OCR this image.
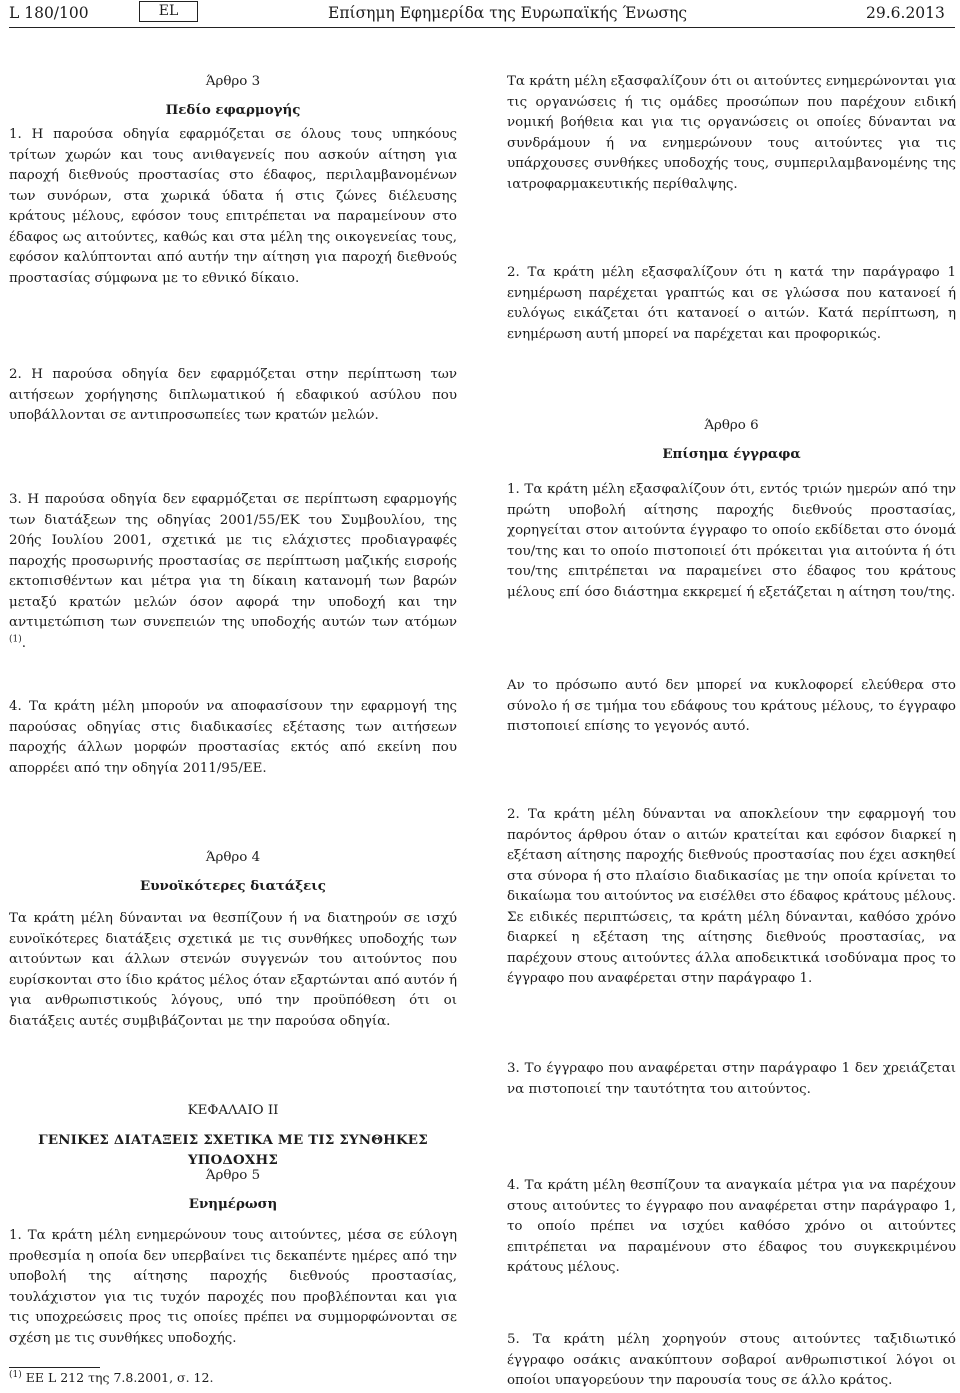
L 180/100	EL	Επίσημη Εφημερίδα της Ευρωπαϊκής Ένωσης	29.6.2013

Άρθρο 3

Πεδίο εφαρμογής

1. Η παρούσα οδηγία εφαρμόζεται σε όλους τους υπηκόους τρίτων χωρών και τους ανιθαγενείς που ασκούν αίτηση για παροχή διεθνούς προστασίας στο έδαφος, περιλαμβανομένων των συνόρων, στα χωρικά ύδατα ή στις ζώνες διέλευσης κράτους μέλους, εφόσον τους επιτρέπεται να παραμείνουν στο έδαφος ως αιτούντες, καθώς και στα μέλη της οικογενείας τους, εφόσον καλύπτονται από αυτήν την αίτηση για παροχή διεθνούς προστασίας σύμφωνα με το εθνικό δίκαιο.

2. Η παρούσα οδηγία δεν εφαρμόζεται στην περίπτωση των αιτήσεων χορήγησης διπλωματικού ή εδαφικού ασύλου που υποβάλλονται σε αντιπροσωπείες των κρατών μελών.

3. Η παρούσα οδηγία δεν εφαρμόζεται σε περίπτωση εφαρμογής των διατάξεων της οδηγίας 2001/55/ΕΚ του Συμβουλίου, της 20ής Ιουλίου 2001, σχετικά με τις ελάχιστες προδιαγραφές παροχής προσωρινής προστασίας σε περίπτωση μαζικής εισροής εκτοπισθέντων και μέτρα για τη δίκαιη κατανομή των βαρών μεταξύ κρατών μελών όσον αφορά την υποδοχή και την αντιμετώπιση των συνεπειών της υποδοχής αυτών των ατόμων $^{(1)}$.

4. Τα κράτη μέλη μπορούν να αποφασίσουν την εφαρμογή της παρούσας οδηγίας στις διαδικασίες εξέτασης των αιτήσεων παροχής άλλων μορφών προστασίας εκτός από εκείνη που απορρέει από την οδηγία 2011/95/ΕΕ.

Άρθρο 4

Ευνοϊκότερες διατάξεις

Τα κράτη μέλη δύνανται να θεσπίζουν ή να διατηρούν σε ισχύ ευνοϊκότερες διατάξεις σχετικά με τις συνθήκες υποδοχής των αιτούντων και άλλων στενών συγγενών του αιτούντος που ευρίσκονται στο ίδιο κράτος μέλος όταν εξαρτώνται από αυτόν ή για ανθρωπιστικούς λόγους, υπό την προϋπόθεση ότι οι διατάξεις αυτές συμβιβάζονται με την παρούσα οδηγία.

ΚΕΦΑΛΑΙΟ II

ΓΕΝΙΚΕΣ ΔΙΑΤΑΞΕΙΣ ΣΧΕΤΙΚΑ ΜΕ ΤΙΣ ΣΥΝΘΗΚΕΣ ΥΠΟΔΟΧΗΣ

Άρθρο 5

Ενημέρωση

1. Τα κράτη μέλη ενημερώνουν τους αιτούντες, μέσα σε εύλογη προθεσμία η οποία δεν υπερβαίνει τις δεκαπέντε ημέρες από την υποβολή της αίτησης παροχής διεθνούς προστασίας, τουλάχιστον για τις τυχόν παροχές που προβλέπονται και για τις υποχρεώσεις προς τις οποίες πρέπει να συμμορφώνονται σε σχέση με τις συνθήκες υποδοχής.

$^{(1)}$ ΕΕ L 212 της 7.8.2001, σ. 12.

Τα κράτη μέλη εξασφαλίζουν ότι οι αιτούντες ενημερώνονται για τις οργανώσεις ή τις ομάδες προσώπων που παρέχουν ειδική νομική βοήθεια και για τις οργανώσεις οι οποίες δύνανται να συνδράμουν ή να ενημερώνουν τους αιτούντες για τις υπάρχουσες συνθήκες υποδοχής τους, συμπεριλαμβανομένης της ιατροφαρμακευτικής περίθαλψης.

2. Τα κράτη μέλη εξασφαλίζουν ότι η κατά την παράγραφο 1 ενημέρωση παρέχεται γραπτώς και σε γλώσσα που κατανοεί ή ευλόγως εικάζεται ότι κατανοεί ο αιτών. Κατά περίπτωση, η ενημέρωση αυτή μπορεί να παρέχεται και προφορικώς.

Άρθρο 6

Επίσημα έγγραφα

1. Τα κράτη μέλη εξασφαλίζουν ότι, εντός τριών ημερών από την πρώτη υποβολή αίτησης παροχής διεθνούς προστασίας, χορηγείται στον αιτούντα έγγραφο το οποίο εκδίδεται στο όνομά του/της και το οποίο πιστοποιεί ότι πρόκειται για αιτούντα ή ότι του/της επιτρέπεται να παραμείνει στο έδαφος του κράτους μέλους επί όσο διάστημα εκκρεμεί ή εξετάζεται η αίτηση του/της.

Αν το πρόσωπο αυτό δεν μπορεί να κυκλοφορεί ελεύθερα στο σύνολο ή σε τμήμα του εδάφους του κράτους μέλους, το έγγραφο πιστοποιεί επίσης το γεγονός αυτό.

2. Τα κράτη μέλη δύνανται να αποκλείουν την εφαρμογή του παρόντος άρθρου όταν ο αιτών κρατείται και εφόσον διαρκεί η εξέταση αίτησης παροχής διεθνούς προστασίας που έχει ασκηθεί στα σύνορα ή στο πλαίσιο διαδικασίας με την οποία κρίνεται το δικαίωμα του αιτούντος να εισέλθει στο έδαφος κράτους μέλους. Σε ειδικές περιπτώσεις, τα κράτη μέλη δύνανται, καθόσο χρόνο διαρκεί η εξέταση της αίτησης διεθνούς προστασίας, να παρέχουν στους αιτούντες άλλα αποδεικτικά ισοδύναμα προς το έγγραφο που αναφέρεται στην παράγραφο 1.

3. Το έγγραφο που αναφέρεται στην παράγραφο 1 δεν χρειάζεται να πιστοποιεί την ταυτότητα του αιτούντος.

4. Τα κράτη μέλη θεσπίζουν τα αναγκαία μέτρα για να παρέχουν στους αιτούντες το έγγραφο που αναφέρεται στην παράγραφο 1, το οποίο πρέπει να ισχύει καθόσο χρόνο οι αιτούντες επιτρέπεται να παραμένουν στο έδαφος του συγκεκριμένου κράτους μέλους.

5. Τα κράτη μέλη χορηγούν στους αιτούντες ταξιδιωτικό έγγραφο οσάκις ανακύπτουν σοβαροί ανθρωπιστικοί λόγοι οι οποίοι υπαγορεύουν την παρουσία τους σε άλλο κράτος.
